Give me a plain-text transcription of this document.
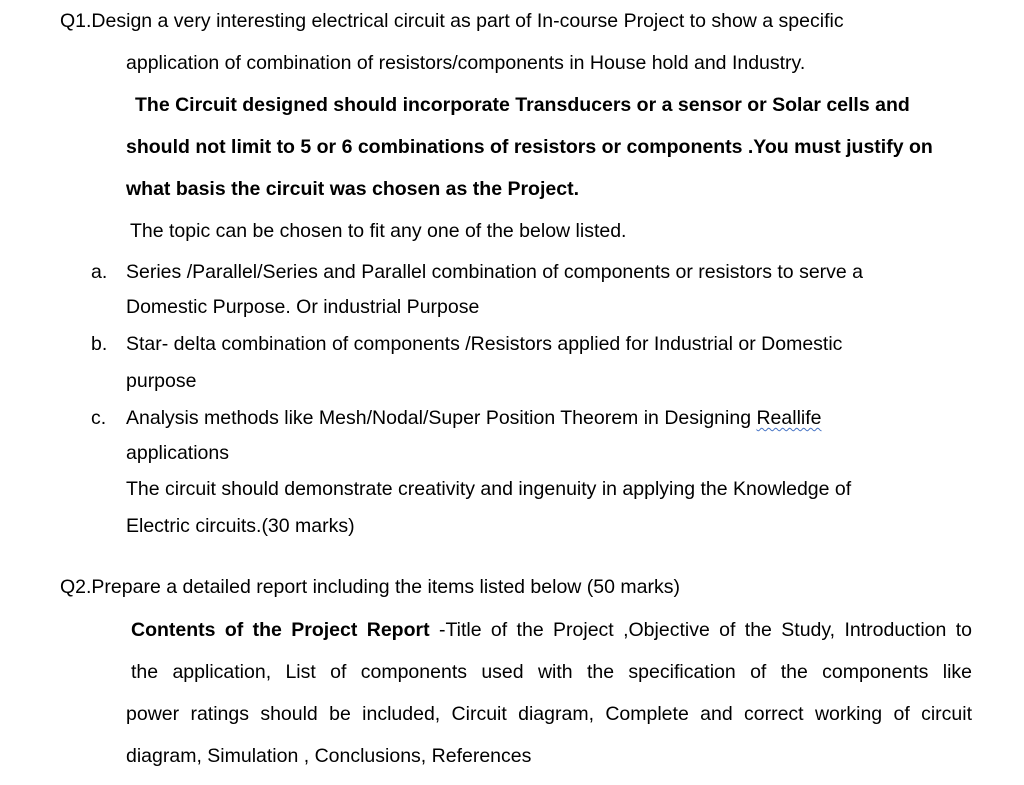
Q1.Design a very interesting electrical circuit as part of In-course Project to show a specific
application of combination of resistors/components in House hold and Industry.
The Circuit designed should incorporate Transducers or a sensor or Solar cells and
should not limit to 5 or 6 combinations of resistors or components .You must justify on
what basis the circuit was chosen as the Project.
The topic can be chosen to fit any one of the below listed.
a. Series /Parallel/Series and Parallel combination of components or resistors to serve a
Domestic Purpose. Or industrial Purpose
b. Star- delta combination of components /Resistors applied for Industrial or Domestic
purpose
c. Analysis methods like Mesh/Nodal/Super Position Theorem in Designing Reallife
applications
The circuit should demonstrate creativity and ingenuity in applying the Knowledge of
Electric circuits.(30 marks)
Q2.Prepare a detailed report including the items listed below (50 marks)
Contents of the Project Report -Title of the Project ,Objective of the Study, Introduction to
the application, List of components used with the specification of the components like
power ratings should be included, Circuit diagram, Complete and correct working of circuit
diagram, Simulation , Conclusions, References
